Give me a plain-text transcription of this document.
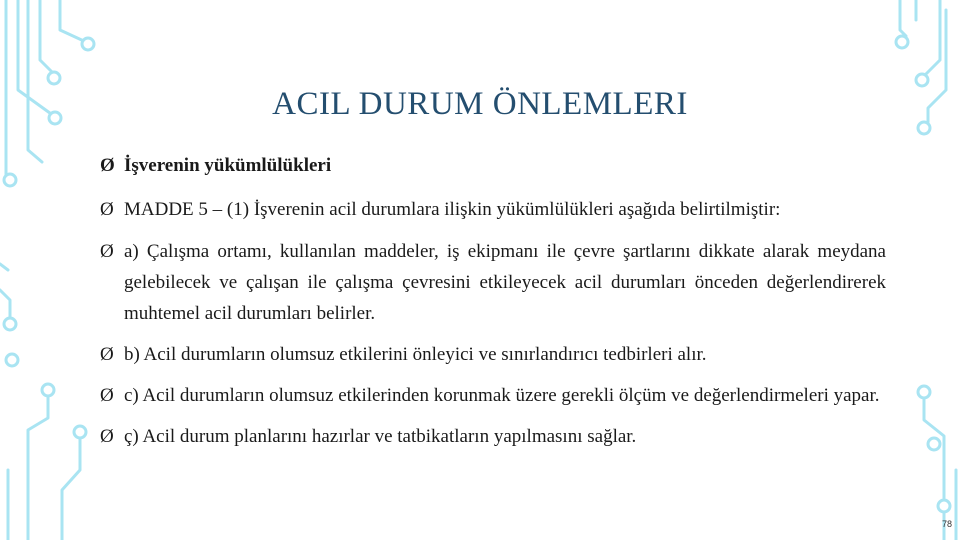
ACIL DURUM ÖNLEMLERI
Ø İşverenin yükümlülükleri
Ø MADDE 5 – (1) İşverenin acil durumlara ilişkin yükümlülükleri aşağıda belirtilmiştir:
Ø a) Çalışma ortamı, kullanılan maddeler, iş ekipmanı ile çevre şartlarını dikkate alarak meydana gelebilecek ve çalışan ile çalışma çevresini etkileyecek acil durumları önceden değerlendirerek muhtemel acil durumları belirler.
Ø b) Acil durumların olumsuz etkilerini önleyici ve sınırlandırıcı tedbirleri alır.
Ø c) Acil durumların olumsuz etkilerinden korunmak üzere gerekli ölçüm ve değerlendirmeleri yapar.
Ø ç) Acil durum planlarını hazırlar ve tatbikatların yapılmasını sağlar.
78
